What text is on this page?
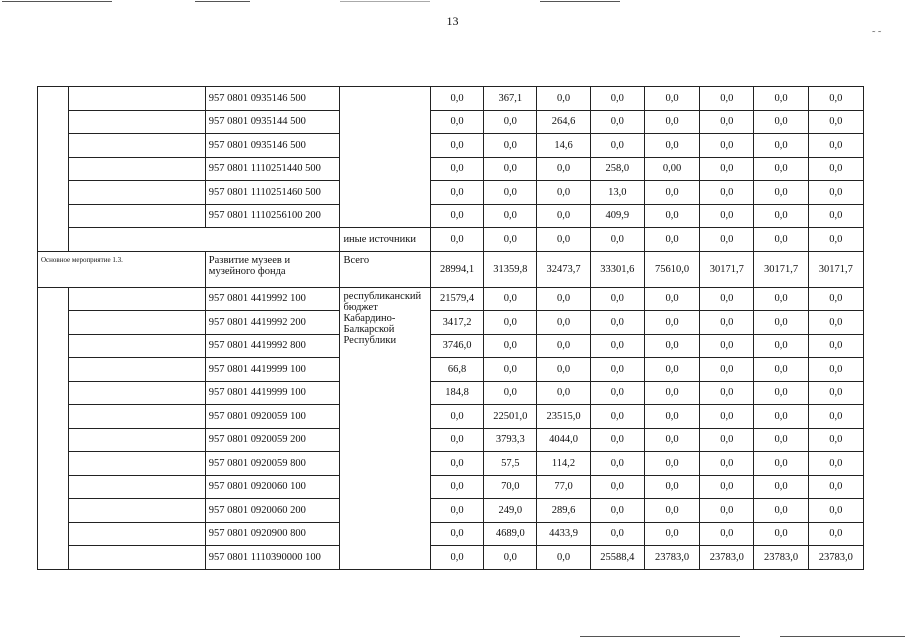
˜ ˜
13
		957 0801 0935146 500		0,0	367,1	0,0	0,0	0,0	0,0	0,0	0,0
		957 0801 0935144 500		0,0	0,0	264,6	0,0	0,0	0,0	0,0	0,0
		957 0801 0935146 500		0,0	0,0	14,6	0,0	0,0	0,0	0,0	0,0
		957 0801 1110251440 500		0,0	0,0	0,0	258,0	0,00	0,0	0,0	0,0
		957 0801 1110251460 500		0,0	0,0	0,0	13,0	0,0	0,0	0,0	0,0
		957 0801 1110256100 200		0,0	0,0	0,0	409,9	0,0	0,0	0,0	0,0
			иные источники	0,0	0,0	0,0	0,0	0,0	0,0	0,0	0,0
Основное мероприятие 1.3.		Развитие музеев и музейного фонда	Всего	28994,1	31359,8	32473,7	33301,6	75610,0	30171,7	30171,7	30171,7
		957 0801 4419992 100	республиканский бюджет Кабардино-Балкарской Республики	21579,4	0,0	0,0	0,0	0,0	0,0	0,0	0,0
		957 0801 4419992 200		3417,2	0,0	0,0	0,0	0,0	0,0	0,0	0,0
		957 0801 4419992 800		3746,0	0,0	0,0	0,0	0,0	0,0	0,0	0,0
		957 0801 4419999 100		66,8	0,0	0,0	0,0	0,0	0,0	0,0	0,0
		957 0801 4419999 100		184,8	0,0	0,0	0,0	0,0	0,0	0,0	0,0
		957 0801 0920059 100		0,0	22501,0	23515,0	0,0	0,0	0,0	0,0	0,0
		957 0801 0920059 200		0,0	3793,3	4044,0	0,0	0,0	0,0	0,0	0,0
		957 0801 0920059 800		0,0	57,5	114,2	0,0	0,0	0,0	0,0	0,0
		957 0801 0920060 100		0,0	70,0	77,0	0,0	0,0	0,0	0,0	0,0
		957 0801 0920060 200		0,0	249,0	289,6	0,0	0,0	0,0	0,0	0,0
		957 0801 0920900 800		0,0	4689,0	4433,9	0,0	0,0	0,0	0,0	0,0
		957 0801 1110390000 100		0,0	0,0	0,0	25588,4	23783,0	23783,0	23783,0	23783,0
